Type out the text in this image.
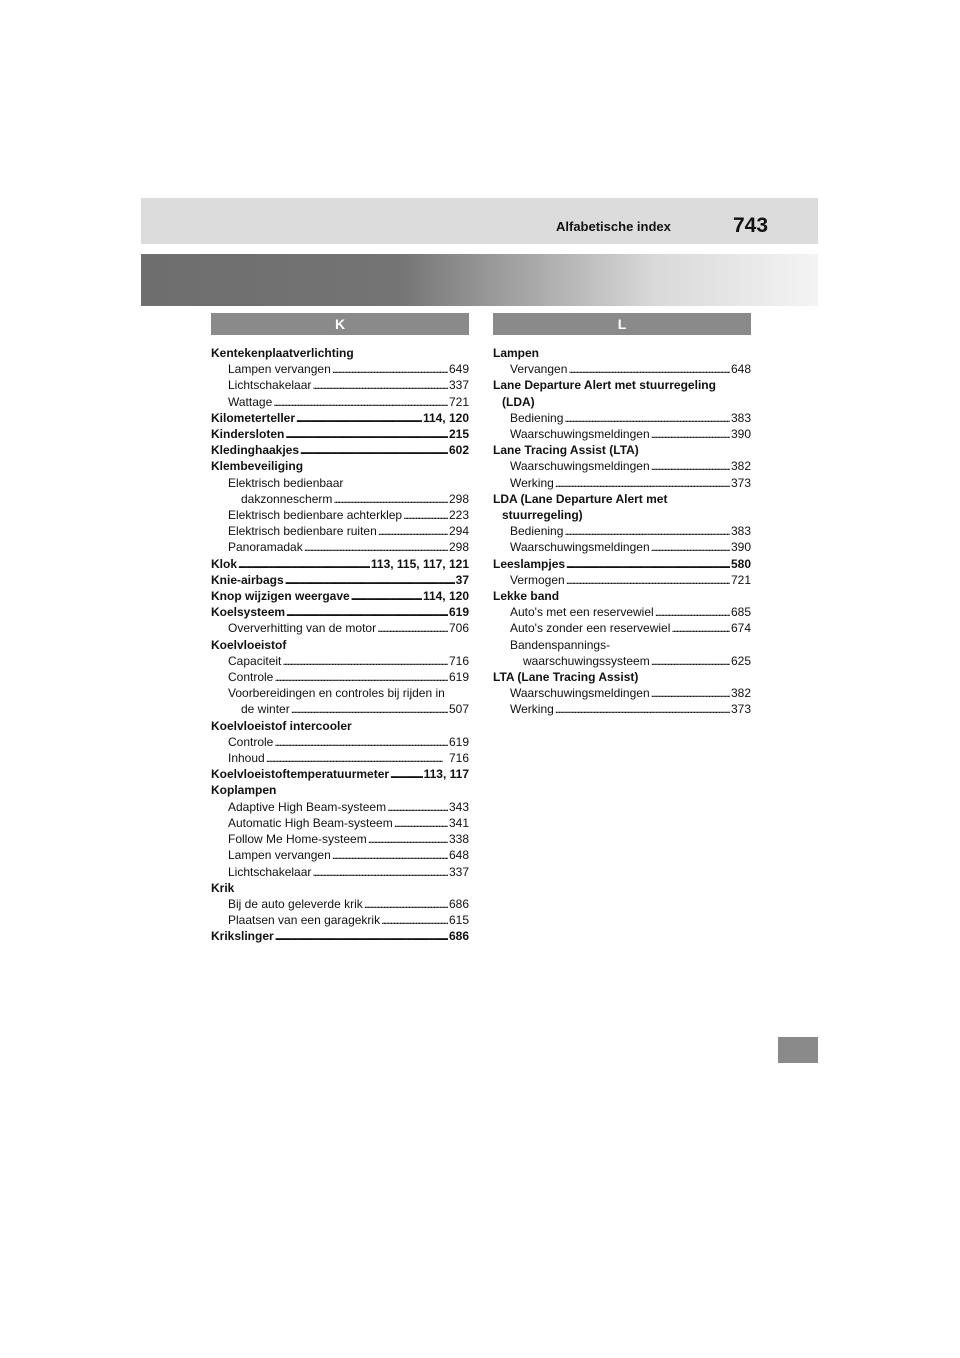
Alfabetische index	743
K
Kentekenplaatverlichting
Lampen vervangen . . .	649
Lichtschakelaar . . .	337
Wattage . . .	721
Kilometerteller . . .	114, 120
Kindersloten . . .	215
Kledinghaakjes . . .	602
Klembeveiliging
Elektrisch bedienbaar
dakzonnescherm . . .	298
Elektrisch bedienbare achterklep . . .	223
Elektrisch bedienbare ruiten . . .	294
Panoramadak . . .	298
Klok . . .	113, 115, 117, 121
Knie-airbags . . .	37
Knop wijzigen weergave . . .	114, 120
Koelsysteem . . .	619
Oververhitting van de motor . . .	706
Koelvloeistof
Capaciteit . . .	716
Controle . . .	619
Voorbereidingen en controles bij rijden in
de winter . . .	507
Koelvloeistof intercooler
Controle . . .	619
Inhoud . . .	716
Koelvloeistoftemperatuurmeter . . .	113, 117
Koplampen
Adaptive High Beam-systeem . . .	343
Automatic High Beam-systeem . . .	341
Follow Me Home-systeem . . .	338
Lampen vervangen . . .	648
Lichtschakelaar . . .	337
Krik
Bij de auto geleverde krik . . .	686
Plaatsen van een garagekrik . . .	615
Krikslinger . . .	686
L
Lampen
Vervangen . . .	648
Lane Departure Alert met stuurregeling
(LDA)
Bediening . . .	383
Waarschuwingsmeldingen . . .	390
Lane Tracing Assist (LTA)
Waarschuwingsmeldingen . . .	382
Werking . . .	373
LDA (Lane Departure Alert met
stuurregeling)
Bediening . . .	383
Waarschuwingsmeldingen . . .	390
Leeslampjes . . .	580
Vermogen . . .	721
Lekke band
Auto's met een reservewiel . . .	685
Auto's zonder een reservewiel . . .	674
Bandenspannings-
waarschuwingssysteem . . .	625
LTA (Lane Tracing Assist)
Waarschuwingsmeldingen . . .	382
Werking . . .	373
